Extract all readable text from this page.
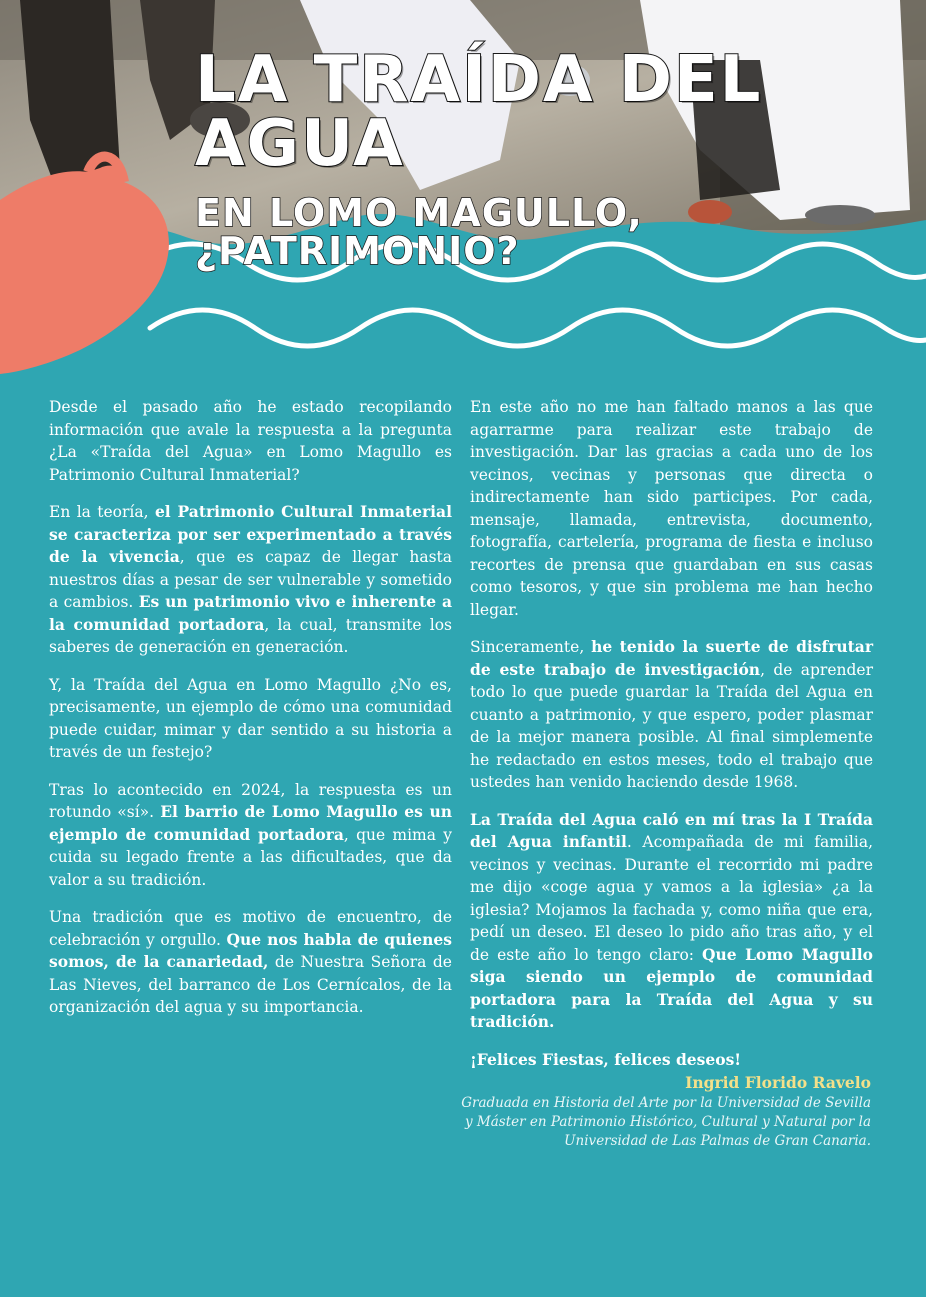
LA TRAÍDA DEL AGUA
EN LOMO MAGULLO, ¿PATRIMONIO?

Desde el pasado año he estado recopilando información que avale la respuesta a la pregunta ¿La «Traída del Agua» en Lomo Magullo es Patrimonio Cultural Inmaterial?

En la teoría, el Patrimonio Cultural Inmaterial se caracteriza por ser experimentado a través de la vivencia, que es capaz de llegar hasta nuestros días a pesar de ser vulnerable y sometido a cambios. Es un patrimonio vivo e inherente a la comunidad portadora, la cual, transmite los saberes de generación en generación.

Y, la Traída del Agua en Lomo Magullo ¿No es, precisamente, un ejemplo de cómo una comunidad puede cuidar, mimar y dar sentido a su historia a través de un festejo?

Tras lo acontecido en 2024, la respuesta es un rotundo «sí». El barrio de Lomo Magullo es un ejemplo de comunidad portadora, que mima y cuida su legado frente a las dificultades, que da valor a su tradición.

Una tradición que es motivo de encuentro, de celebración y orgullo. Que nos habla de quienes somos, de la canariedad, de Nuestra Señora de Las Nieves, del barranco de Los Cernícalos, de la organización del agua y su importancia.

En este año no me han faltado manos a las que agarrarme para realizar este trabajo de investigación. Dar las gracias a cada uno de los vecinos, vecinas y personas que directa o indirectamente han sido participes. Por cada, mensaje, llamada, entrevista, documento, fotografía, cartelería, programa de fiesta e incluso recortes de prensa que guardaban en sus casas como tesoros, y que sin problema me han hecho llegar.

Sinceramente, he tenido la suerte de disfrutar de este trabajo de investigación, de aprender todo lo que puede guardar la Traída del Agua en cuanto a patrimonio, y que espero, poder plasmar de la mejor manera posible. Al final simplemente he redactado en estos meses, todo el trabajo que ustedes han venido haciendo desde 1968.

La Traída del Agua caló en mí tras la I Traída del Agua infantil. Acompañada de mi familia, vecinos y vecinas. Durante el recorrido mi padre me dijo «coge agua y vamos a la iglesia» ¿a la iglesia? Mojamos la fachada y, como niña que era, pedí un deseo. El deseo lo pido año tras año, y el de este año lo tengo claro: Que Lomo Magullo siga siendo un ejemplo de comunidad portadora para la Traída del Agua y su tradición.

¡Felices Fiestas, felices deseos!

Ingrid Florido Ravelo
Graduada en Historia del Arte por la Universidad de Sevilla
y Máster en Patrimonio Histórico, Cultural y Natural por la
Universidad de Las Palmas de Gran Canaria.
